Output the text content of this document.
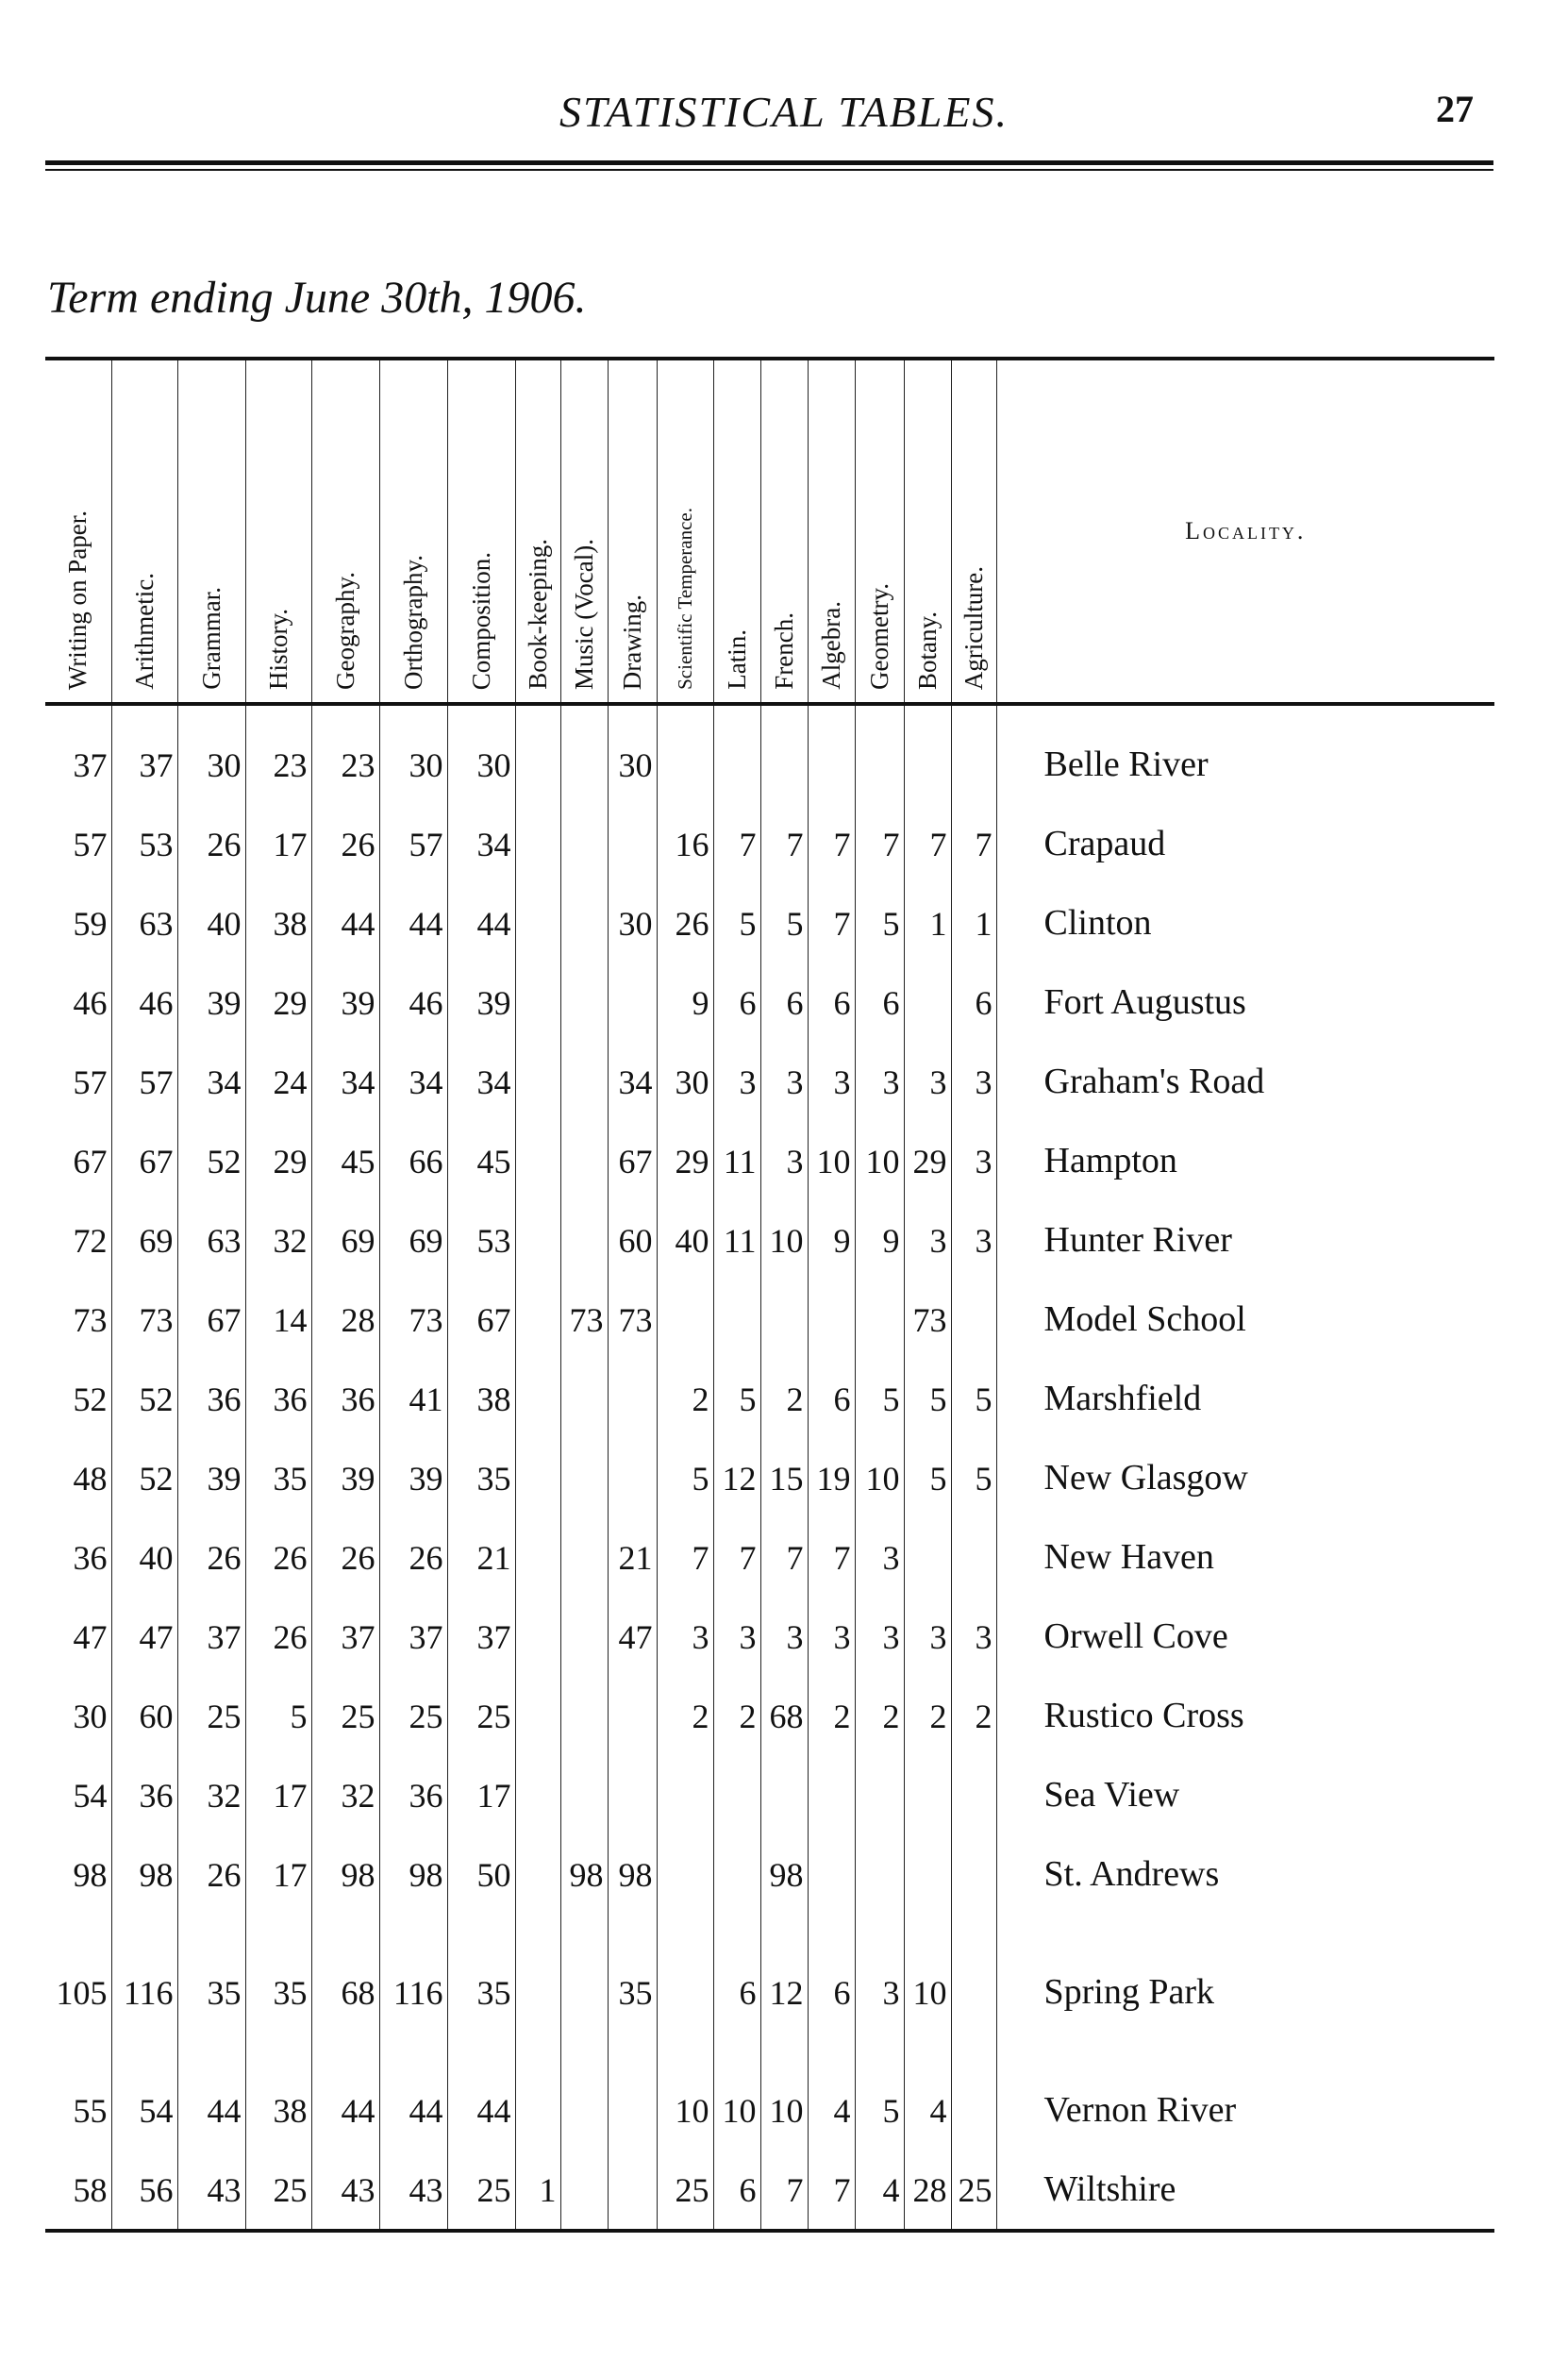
STATISTICAL TABLES.	27
Term ending June 30th, 1906.
Writing on Paper.	Arithmetic.	Grammar.	History.	Geography.	Orthography.	Composition.	Book-keeping.	Music (Vocal).	Drawing.	Scientific Temperance.	Latin.	French.	Algebra.	Geometry.	Botany.	Agriculture.	Locality.
37	37	30	23	23	30	30			30								Belle River
57	53	26	17	26	57	34				16	7	7	7	7	7	7	Crapaud
59	63	40	38	44	44	44			30	26	5	5	7	5	1	1	Clinton
46	46	39	29	39	46	39				9	6	6	6	6		6	Fort Augustus
57	57	34	24	34	34	34			34	30	3	3	3	3	3	3	Graham's Road
67	67	52	29	45	66	45			67	29	11	3	10	10	29	3	Hampton
72	69	63	32	69	69	53			60	40	11	10	9	9	3	3	Hunter River
73	73	67	14	28	73	67		73	73						73		Model School
52	52	36	36	36	41	38				2	5	2	6	5	5	5	Marshfield
48	52	39	35	39	39	35				5	12	15	19	10	5	5	New Glasgow
36	40	26	26	26	26	21			21	7	7	7	7	3			New Haven
47	47	37	26	37	37	37			47	3	3	3	3	3	3	3	Orwell Cove
30	60	25	5	25	25	25				2	2	68	2	2	2	2	Rustico Cross
54	36	32	17	32	36	17											Sea View
98	98	26	17	98	98	50		98	98			98					St. Andrews
105	116	35	35	68	116	35			35		6	12	6	3	10		Spring Park
55	54	44	38	44	44	44				10	10	10	4	5	4		Vernon River
58	56	43	25	43	43	25	1			25	6	7	7	4	28	25	Wiltshire
